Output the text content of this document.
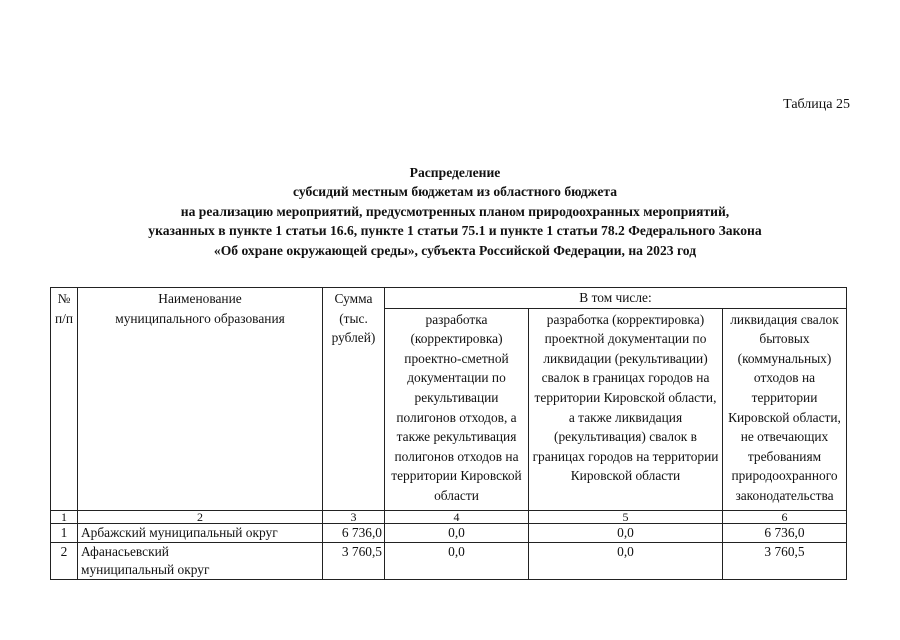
Таблица 25
Распределение
субсидий местным бюджетам из областного бюджета
на реализацию мероприятий, предусмотренных планом природоохранных мероприятий,
указанных в пункте 1 статьи 16.6, пункте 1 статьи 75.1 и пункте 1 статьи 78.2 Федерального Закона
«Об охране окружающей среды», субъекта Российской Федерации, на 2023 год
№ п/п	Наименование муниципального образования	Сумма (тыс. рублей)	В том числе:		
			разработка (корректировка) проектно-сметной документации по рекультивации полигонов отходов, а также рекультивация полигонов отходов на территории Кировской области	разработка (корректировка) проектной документации по ликвидации (рекультивации) свалок в границах городов на территории Кировской области, а также ликвидация (рекультивация) свалок в границах городов на территории Кировской области	ликвидация свалок бытовых (коммунальных) отходов на территории Кировской области, не отвечающих требованиям природоохранного законодательства
1	2	3	4	5	6
1	Арбажский муниципальный округ	6 736,0	0,0	0,0	6 736,0
2	Афанасьевский муниципальный округ	3 760,5	0,0	0,0	3 760,5
